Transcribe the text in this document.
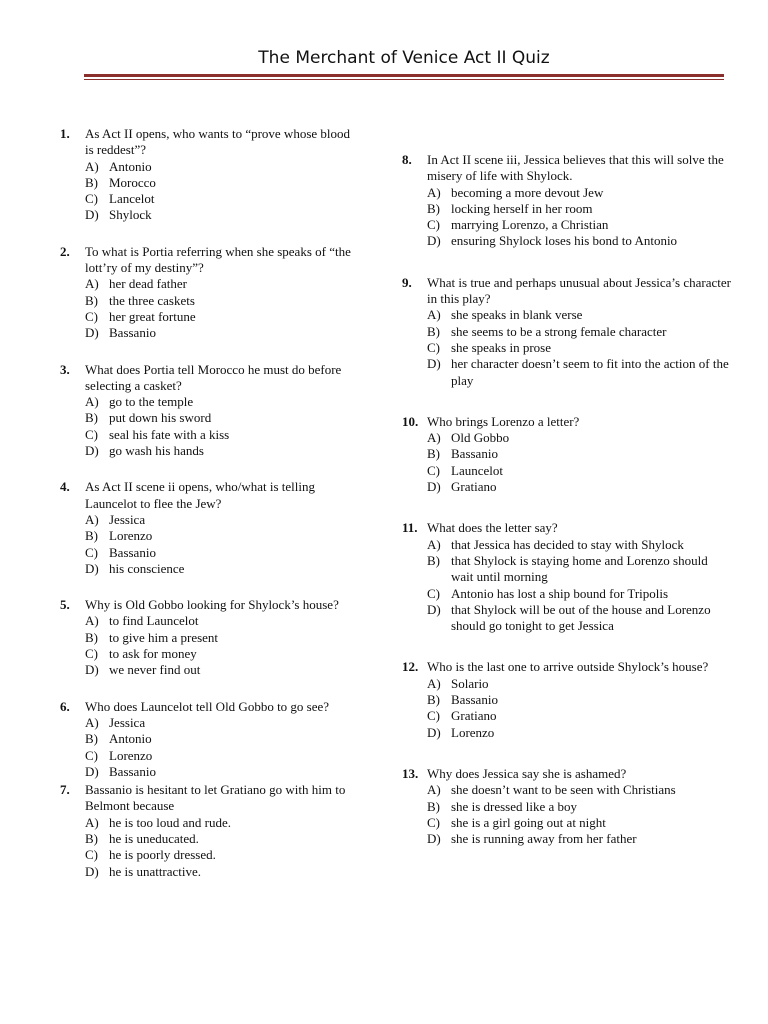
The Merchant of Venice Act II Quiz
1.	As Act II opens, who wants to “prove whose blood is reddest”?
A) Antonio
B) Morocco
C) Lancelot
D) Shylock
2.	To what is Portia referring when she speaks of “the lott’ry of my destiny”?
A) her dead father
B) the three caskets
C) her great fortune
D) Bassanio
3.	What does Portia tell Morocco he must do before selecting a casket?
A) go to the temple
B) put down his sword
C) seal his fate with a kiss
D) go wash his hands
4.	As Act II scene ii opens, who/what is telling Launcelot to flee the Jew?
A) Jessica
B) Lorenzo
C) Bassanio
D) his conscience
5.	Why is Old Gobbo looking for Shylock’s house?
A) to find Launcelot
B) to give him a present
C) to ask for money
D) we never find out
6.	Who does Launcelot tell Old Gobbo to go see?
A) Jessica
B) Antonio
C) Lorenzo
D) Bassanio
7.	Bassanio is hesitant to let Gratiano go with him to Belmont because
A) he is too loud and rude.
B) he is uneducated.
C) he is poorly dressed.
D) he is unattractive.
8.	In Act II scene iii, Jessica believes that this will solve the misery of life with Shylock.
A) becoming a more devout Jew
B) locking herself in her room
C) marrying Lorenzo, a Christian
D) ensuring Shylock loses his bond to Antonio
9.	What is true and perhaps unusual about Jessica’s character in this play?
A) she speaks in blank verse
B) she seems to be a strong female character
C) she speaks in prose
D) her character doesn’t seem to fit into the action of the play
10. Who brings Lorenzo a letter?
A) Old Gobbo
B) Bassanio
C) Launcelot
D) Gratiano
11. What does the letter say?
A) that Jessica has decided to stay with Shylock
B) that Shylock is staying home and Lorenzo should wait until morning
C) Antonio has lost a ship bound for Tripolis
D) that Shylock will be out of the house and Lorenzo should go tonight to get Jessica
12. Who is the last one to arrive outside Shylock’s house?
A) Solario
B) Bassanio
C) Gratiano
D) Lorenzo
13. Why does Jessica say she is ashamed?
A) she doesn’t want to be seen with Christians
B) she is dressed like a boy
C) she is a girl going out at night
D) she is running away from her father
